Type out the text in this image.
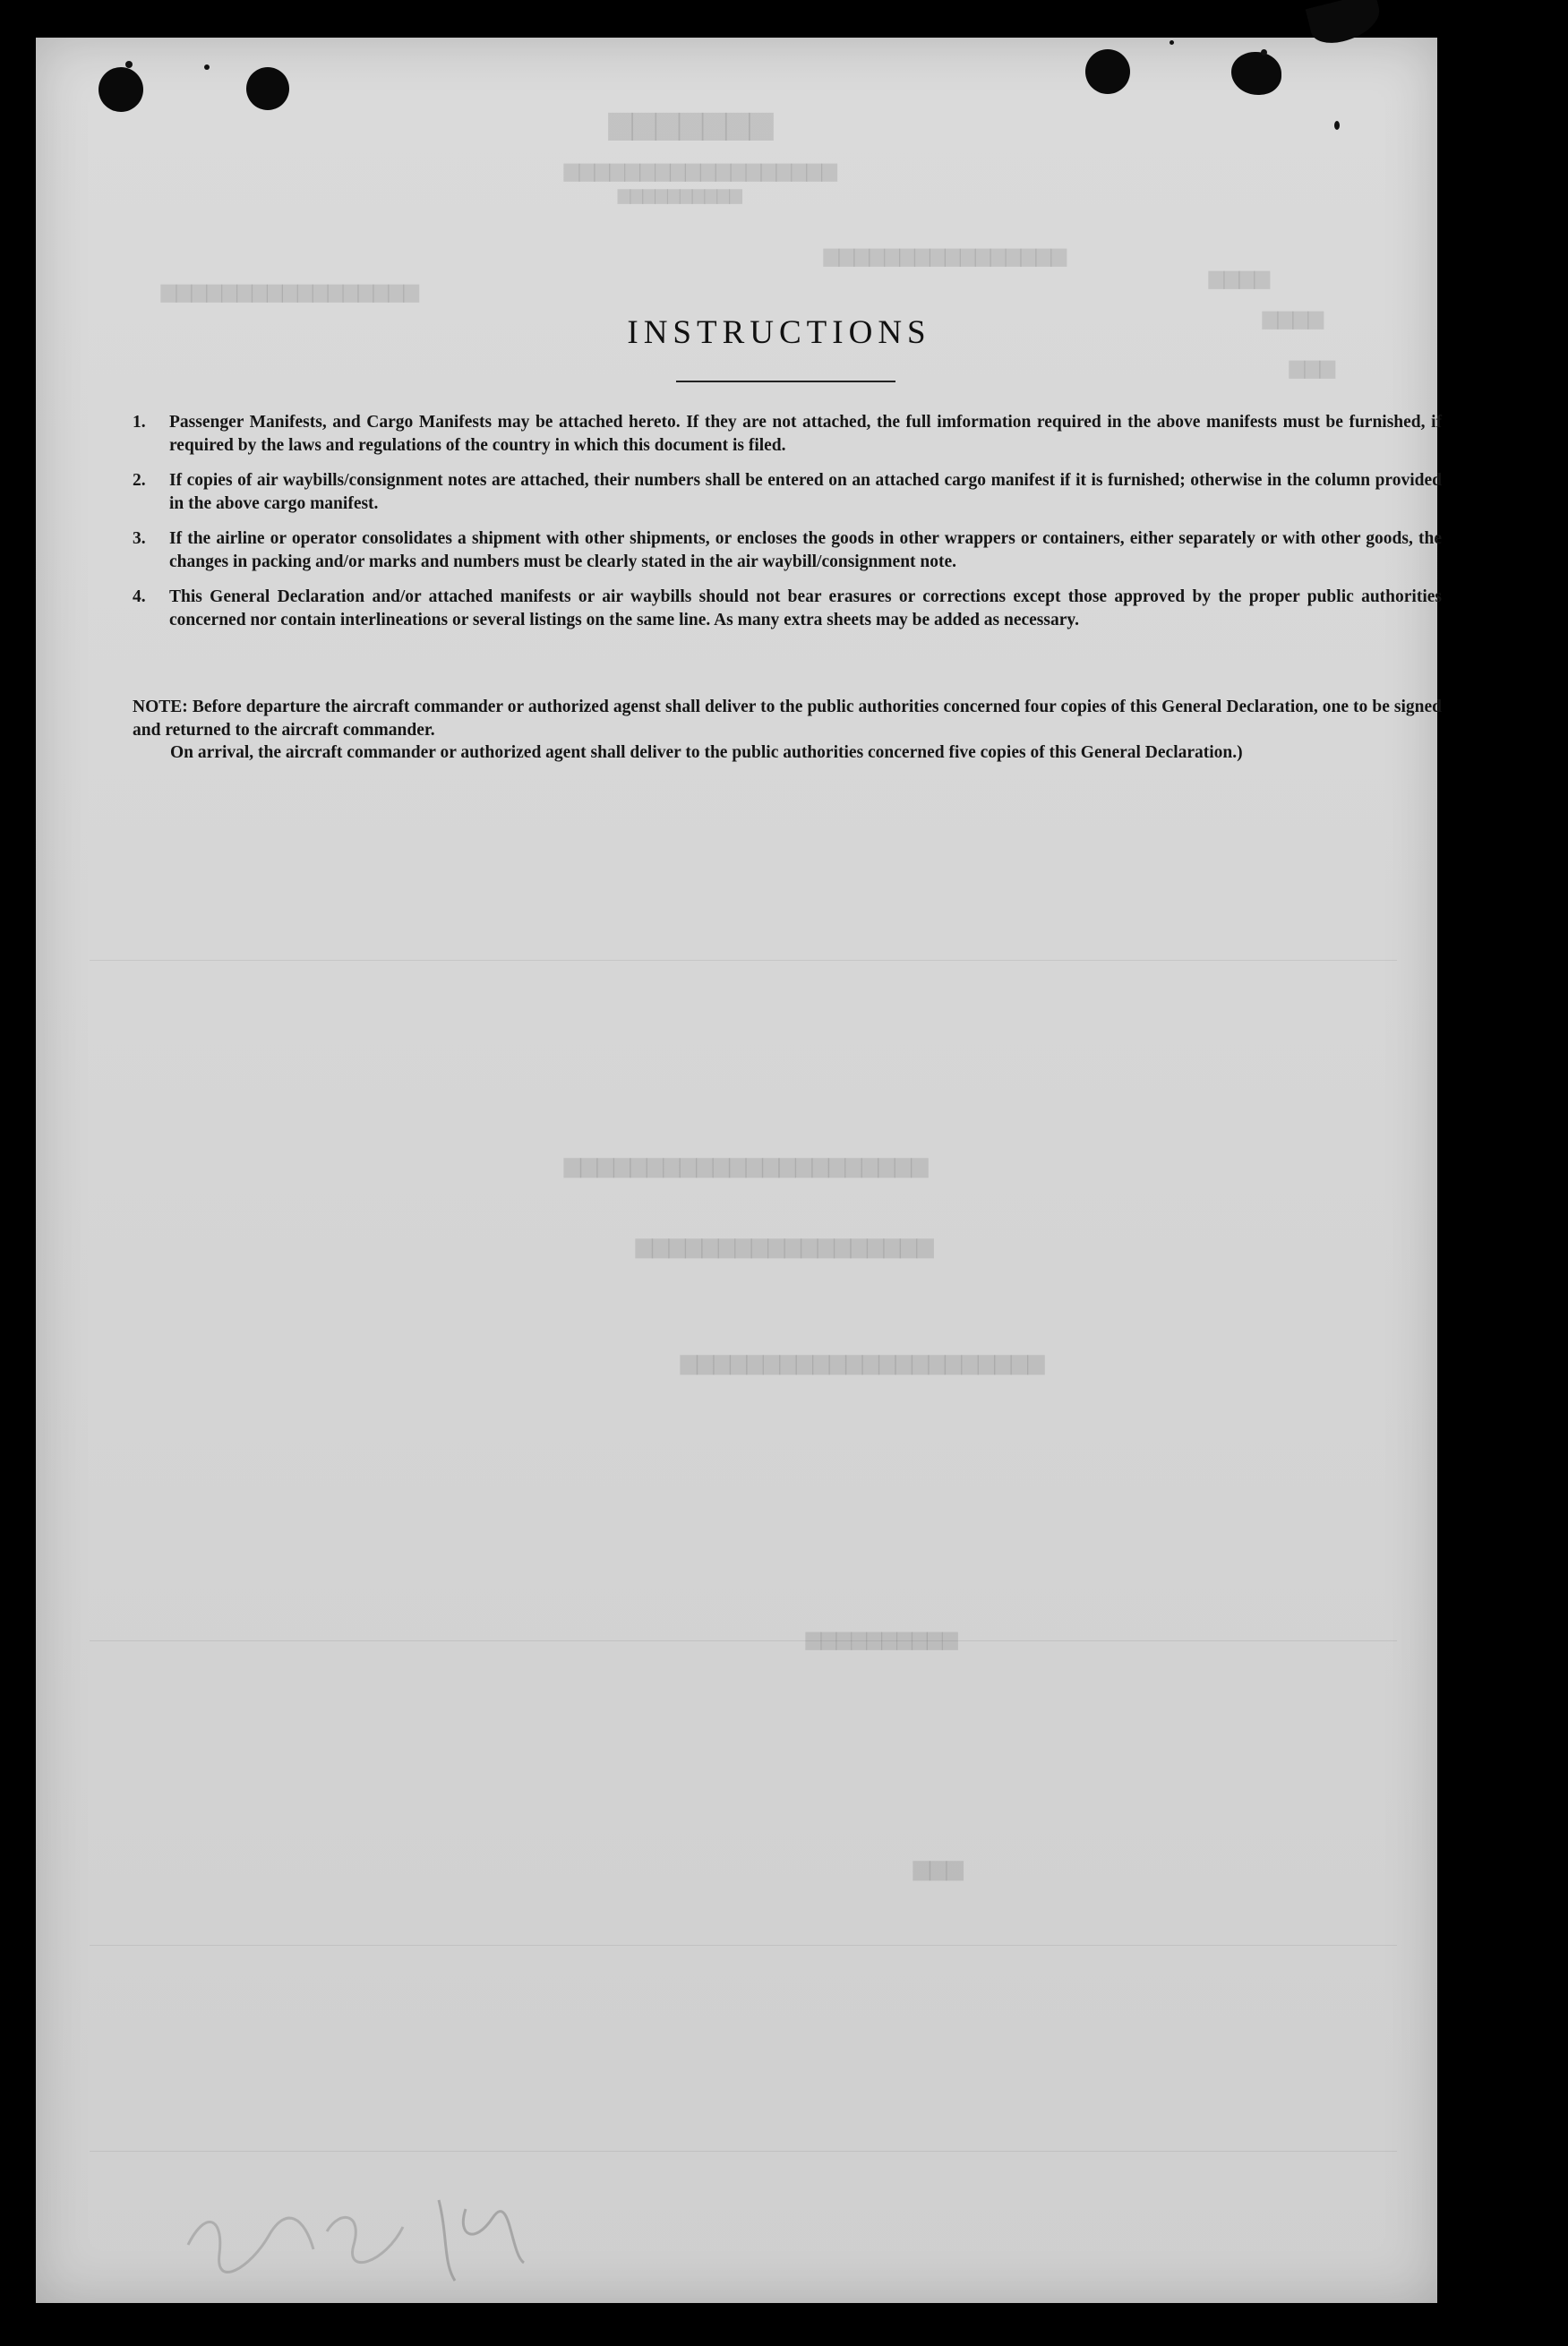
▆▆▆▆▆▆▆
▆▆▆▆▆▆▆▆▆▆▆▆▆▆▆▆▆▆
▆▆▆▆▆▆▆▆▆▆
▆▆▆▆▆▆▆▆▆▆▆▆▆▆▆▆
▆▆▆▆▆▆▆▆▆▆▆▆▆▆▆▆▆
▆▆▆▆
▆▆▆▆
▆▆▆
▆▆▆▆▆▆▆▆▆▆▆▆▆▆▆▆▆▆▆▆▆▆
▆▆▆▆▆▆▆▆▆▆▆▆▆▆▆▆▆▆
▆▆▆▆▆▆▆▆▆▆▆▆▆▆▆▆▆▆▆▆▆▆
▆▆▆▆▆▆▆▆▆▆
▆▆▆
INSTRUCTIONS
1. Passenger Manifests, and Cargo Manifests may be attached hereto. If they are not attached, the full imformation required in the above manifests must be furnished, if required by the laws and regulations of the country in which this document is filed.
2. If copies of air waybills/consignment notes are attached, their numbers shall be entered on an attached cargo manifest if it is furnished; otherwise in the column provided in the above cargo manifest.
3. If the airline or operator consolidates a shipment with other shipments, or encloses the goods in other wrappers or containers, either separately or with other goods, the changes in packing and/or marks and numbers must be clearly stated in the air waybill/consignment note.
4. This General Declaration and/or attached manifests or air waybills should not bear erasures or corrections except those approved by the proper public authorities concerned nor contain interlineations or several listings on the same line. As many extra sheets may be added as necessary.

NOTE: Before departure the aircraft commander or authorized agenst shall deliver to the public authorities concerned four copies of this General Declaration, one to be signed and returned to the aircraft commander.

On arrival, the aircraft commander or authorized agent shall deliver to the public authorities concerned five copies of this General Declaration.)
